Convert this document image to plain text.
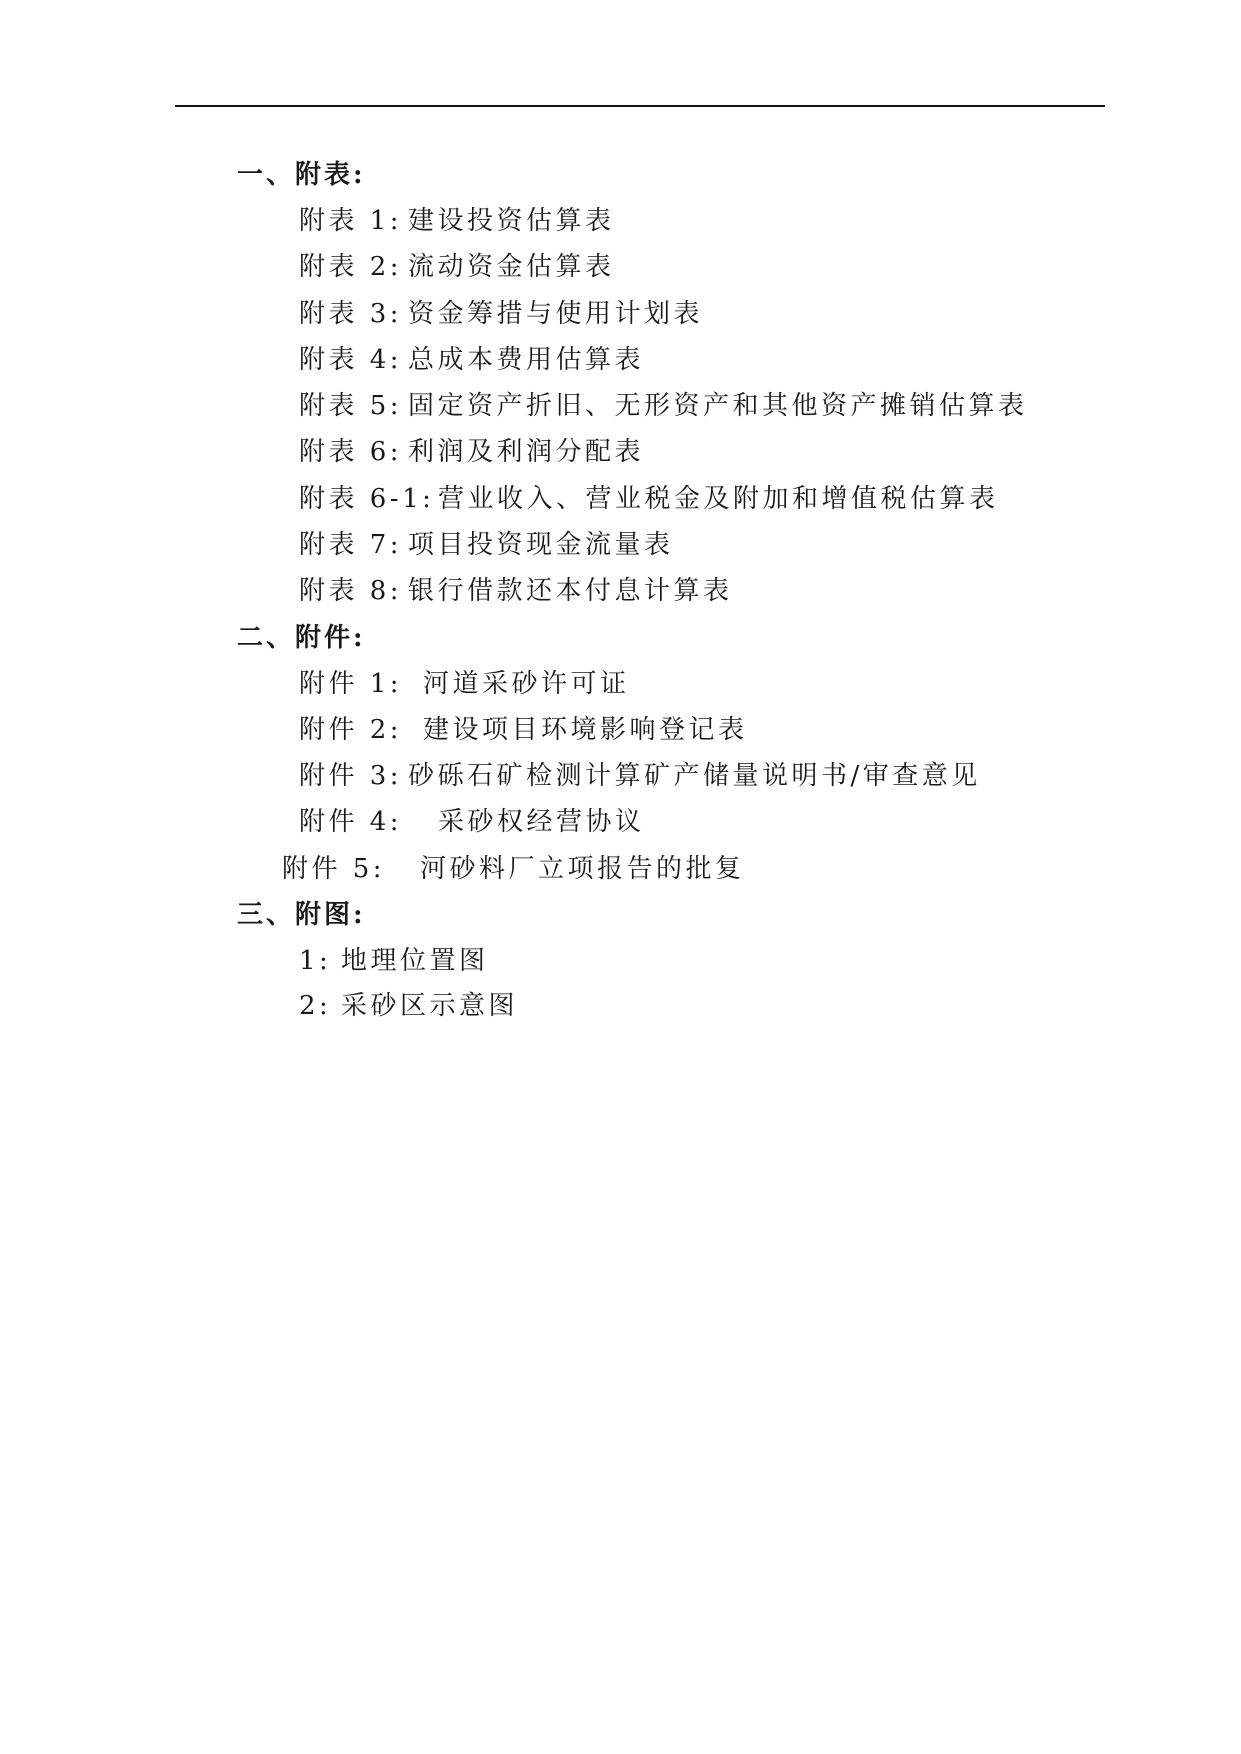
一、附表:
附表 1: 建设投资估算表
附表 2: 流动资金估算表
附表 3: 资金筹措与使用计划表
附表 4: 总成本费用估算表
附表 5: 固定资产折旧、无形资产和其他资产摊销估算表
附表 6: 利润及利润分配表
附表 6-1: 营业收入、营业税金及附加和增值税估算表
附表 7: 项目投资现金流量表
附表 8: 银行借款还本付息计算表
二、附件:
附件 1: 河道采砂许可证
附件 2: 建设项目环境影响登记表
附件 3: 砂砾石矿检测计算矿产储量说明书/审查意见
附件 4: 采砂权经营协议
附件 5: 河砂料厂立项报告的批复
三、附图:
1: 地理位置图
2: 采砂区示意图
